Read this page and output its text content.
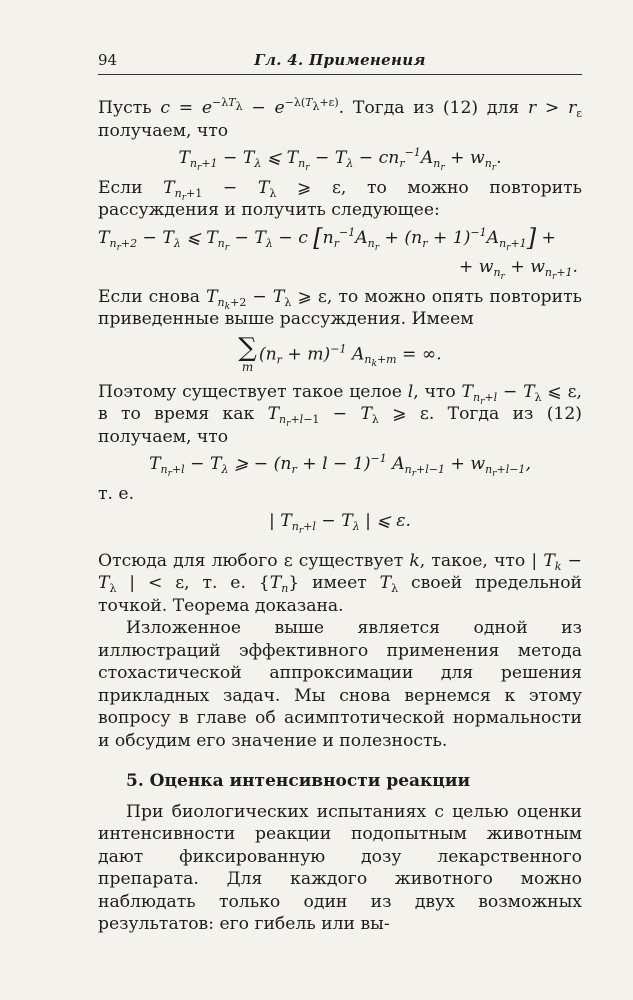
94	Гл. 4. Применения

Пусть $c = e^{-\lambda T_\lambda} - e^{-\lambda(T_\lambda+\varepsilon)}$. Тогда из (12) для $r > r_\varepsilon$ получаем, что

$T_{n_r+1} - T_\lambda$ ⩽ $T_{n_r} - T_\lambda - cn_r^{-1}A_{n_r} + w_{n_r}$.

Если $T_{n_r+1} - T_\lambda$ ⩾ ε, то можно повторить рассуждения и получить следующее:

$T_{n_r+2} - T_\lambda$ ⩽ $T_{n_r} - T_\lambda - c$ $[n_r^{-1}A_{n_r} + (n_r + 1)^{-1}A_{n_r+1}]$ +
+ $w_{n_r} + w_{n_r+1}$.

Если снова $T_{n_k+2} - T_\lambda$ ⩾ ε, то можно опять повторить приведенные выше рассуждения. Имеем

∑
m
$(n_r + m)^{-1}$ $A_{n_k+m}$ = ∞.

Поэтому существует такое целое l, что $T_{n_r+l} - T_\lambda$ ⩽ ε, в то время как $T_{n_r+l-1} - T_\lambda$ ⩾ ε. Тогда из (12) получаем, что

$T_{n_r+l} - T_\lambda$ ⩾ − $(n_r + l - 1)^{-1}$ $A_{n_r+l-1} + w_{n_r+l-1}$,

т. е.

| $T_{n_r+l} - T_\lambda$ | ⩽ ε.

Отсюда для любого ε существует k, такое, что | $T_k - T_\lambda$ | < ε, т. е. $\{T_n\}$ имеет $T_\lambda$ своей предельной точкой. Теорема доказана.

Изложенное выше является одной из иллюстраций эффективного применения метода стохастической аппроксимации для решения прикладных задач. Мы снова вернемся к этому вопросу в главе об асимптотической нормальности и обсудим его значение и полезность.

5. Оценка интенсивности реакции

При биологических испытаниях с целью оценки интенсивности реакции подопытным животным дают фиксированную дозу лекарственного препарата. Для каждого животного можно наблюдать только один из двух возможных результатов: его гибель или вы-
